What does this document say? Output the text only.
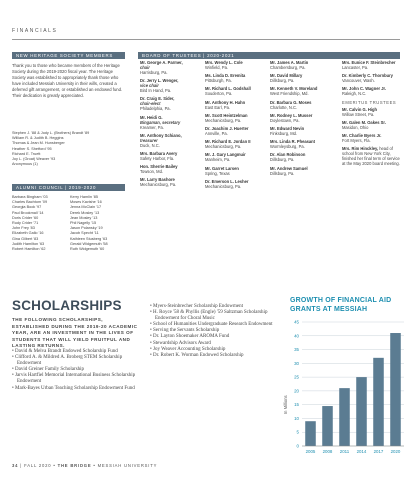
FINANCIALS
NEW HERITAGE SOCIETY MEMBERS
Thank you to those who became members of the Heritage Society during the 2019-2020 fiscal year. The Heritage Society was established to appropriately thank those who have included Messiah University in their wills, created a deferred gift arrangement, or established an endowed fund. Their dedication is greatly appreciated.
Stephen J. '88 & Jody L. (Brothers) Brandt '89
William R. & Judith B. Heggins
Thomas & Jean M. Hunsberger
Heather S. Shetford '95
Richard E. Truett
Joy L. (Groat) Weaver '93
Anonymous (1)
ALUMNI COUNCIL | 2019-2020
Barbara Bingham '03
Charles Bachtom '09
Georgia Book '97
Paul Brookmall '14
Doris Crider '60
Rudy Crider '71
John Frey '83
Elizabeth Gallo '16
Gina Gilbert '83
Judith Hamilton '63
Robert Hamilton '62
Kerry Hamlin '85
Moses Kavishe '16
Jenna McClain '17
Derek Mosley '13
Jean Mosley '13
Phil Nagelly '15
Jason Polansky '19
Jacob Specht '11
Kathleen Stusberg '63
Gerald Widgemuth '58
Ruth Widgemuth '60
BOARD OF TRUSTEES | 2020-2021
Mr. George A. Parmer,
chair
Harrisburg, Pa.
Dr. Jerry L. Wenger,
vice chair
Bird In Hand, Pa.
Dr. Craig E. Sider,
chair-elect
Philadelphia, Pa.
Mr. Heidi G.
Bingaman, secretary
Kreamer, Pa.
Mr. Anthony Schiano,
treasurer
Duck, N.C.
Mrs. Barbara Avery
Safety Harbor, Fla.
Hon. Sherrie Bailey
Towson, Md.
Mr. Larry Bashore
Mechanicsburg, Pa.
Mrs. Wendy L. Cole
Winfield, Pa.
Ms. Linda D. Eremita
Pittsburgh, Pa.
Mr. Richard L. Godshall
Souderton, Pa.
Mr. Anthony H. Hahn
East Earl, Pa.
Mr. Scott Heintzelman
Mechanicsburg, Pa.
Dr. Joachim J. Huerter
Annville, Pa.
Mr. Richard E. Jordan II
Mechanicsburg, Pa.
Mr. J. Gary Langmuir
Manheim, Pa.
Mr. Garret Larsen
Spring, Texas
Dr. Emerson L. Lesher
Mechanicsburg, Pa.
Mr. James A. Martin
Chambersburg, Pa.
Mr. David Millary
Dillsburg, Pa.
Mr. Kenneth V. Moreland
West Friendship, Md.
Dr. Barbara G. Moses
Charlotte, N.C.
Mr. Rodney L. Musser
Doylestown, Pa.
Mr. Edward Nevin
Finksburg, Md.
Mrs. Linda R. Pheasant
Wormleysburg, Pa.
Dr. Alan Robinson
Dillsburg, Pa.
Mr. Andrew Samuel
Dillsburg, Pa.
Mrs. Eunice F. Steinbrecher
Lancaster, Pa.
Dr. Kimberly C. Thornbury
Vancouver, Wash.
Mr. John C. Wagner Jr.
Raleigh, N.C.
EMERITUS TRUSTEES
Mr. Calvin G. High
Willow Street, Pa.
Mr. Galen M. Oakes Sr.
Masidon, Ohio
Mr. Charlie Byers Jr.
Fort Myers, Fla.
Mrs. Rim Hinckley, head of school from New York City, finished her final term of service at the May 2020 board meeting.
SCHOLARSHIPS
THE FOLLOWING SCHOLARSHIPS, ESTABLISHED DURING THE 2019-20 ACADEMIC YEAR, ARE AN INVESTMENT IN THE LIVES OF STUDENTS THAT WILL YIELD FRUITFUL AND LASTING RETURNS.
• David & Melva Brandt Endowed Scholarship Fund
• Clifford A. & Mildred A. Broberg STEM Scholarship Endowment
• David Greiner Family Scholarship
• Jarvis Hartfiel Memorial International Business Scholarship Endowment
• Mark-Bayes Urban Teaching Scholarship Endowment Fund
• Myers-Steinbrecher Scholarship Endowment
• H. Royce '58 & Phyllis (Engle) '59 Saltzman Scholarship Endowment for Choral Music
• School of Humanities Undergraduate Research Endowment
• Serving the Servants Scholarship
• Dr. Layton Shoemaker AROMA Fund
• Stewardship Advisors Award
• Joy Weaver Accounting Scholarship
• Dr. Robert K. Worman Endowed Scholarship
GROWTH OF FINANCIAL AID GRANTS AT MESSIAH
0
5
10
15
20
25
30
35
40
45
In Millions
2005 2008 2011 2014 2017 2020
34 | FALL 2020 • THE BRIDGE • MESSIAH UNIVERSITY
